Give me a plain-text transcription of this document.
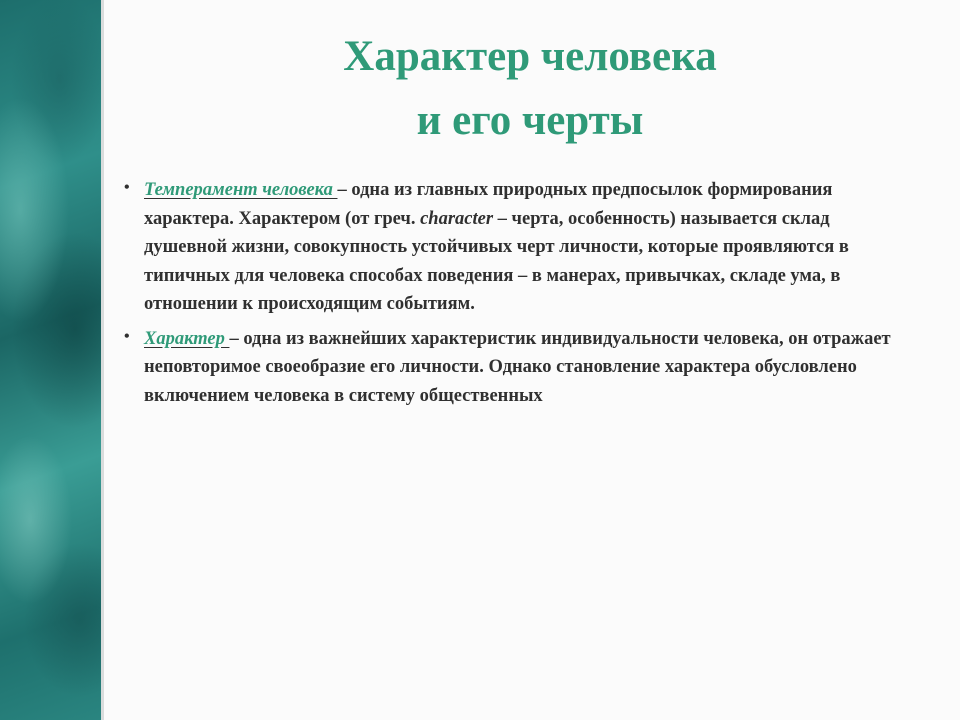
Характер человека
и его черты
• Темперамент человека – одна из главных природных предпосылок формирования характера. Характером (от греч. character – черта, особенность) называется склад душевной жизни, совокупность устойчивых черт личности, которые проявляются в типичных для человека способах поведения – в манерах, привычках, складе ума, в отношении к происходящим событиям.
• Характер – одна из важнейших характеристик индивидуальности человека, он отражает неповторимое своеобразие его личности. Однако становление характера обусловлено включением человека в систему общественных
